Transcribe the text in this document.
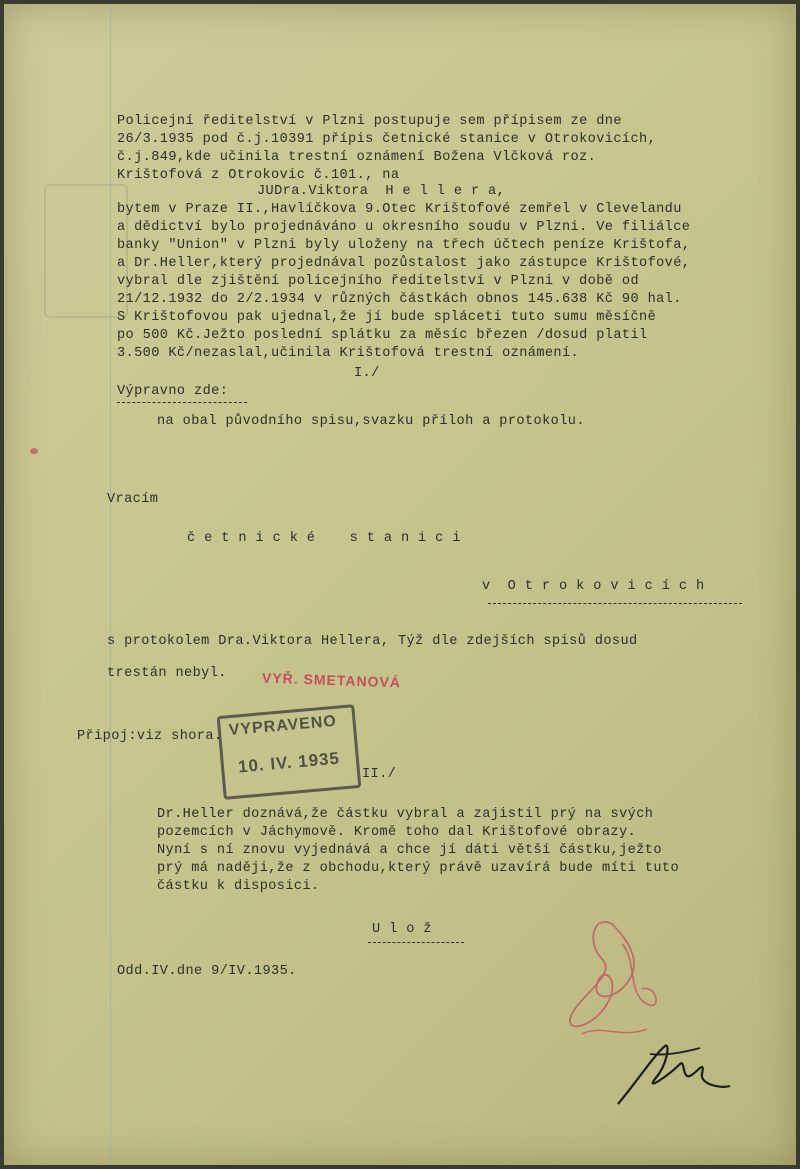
Policejní ředitelství v Plzni postupuje sem přípisem ze dne
26/3.1935 pod č.j.10391 přípis četnické stanice v Otrokovicích,
č.j.849,kde učinila trestní oznámení Božena Vlčková roz.
Krištofová z Otrokovic č.101., na
JUDra.Viktora  H e l l e r a,
bytem v Praze II.,Havlíčkova 9.Otec Krištofové zemřel v Clevelandu
a dědictví bylo projednáváno u okresního soudu v Plzni. Ve filiálce
banky "Union" v Plzni byly uloženy na třech účtech peníze Krištofa,
a Dr.Heller,který projednával pozůstalost jako zástupce Krištofové,
vybral dle zjištění policejního ředitelství v Plzni v době od
21/12.1932 do 2/2.1934 v různých částkách obnos 145.638 Kč 90 hal.
S Krištofovou pak ujednal,že jí bude spláceti tuto sumu měsíčně
po 500 Kč.Ježto poslední splátku za měsíc březen /dosud platil
3.500 Kč/nezaslal,učinila Krištofová trestní oznámení.
I./
Výpravno zde:
na obal původního spisu,svazku příloh a protokolu.
Vracím
č e t n i c k é    s t a n i c i
v  O t r o k o v i c í c h
s protokolem Dra.Viktora Hellera, Týž dle zdejších spisů dosud
trestán nebyl. VYŘ. SMETANOVÁ
Připoj:viz shora. VYPRAVENO
10. IV. 1935 II./
Dr.Heller doznává,že částku vybral a zajistil prý na svých
pozemcích v Jáchymově. Kromě toho dal Krištofové obrazy.
Nyní s ní znovu vyjednává a chce jí dáti větší částku,ježto
prý má naději,že z obchodu,který právě uzavírá bude míti tuto
částku k disposici.
U l o ž
Odd.IV.dne 9/IV.1935.
